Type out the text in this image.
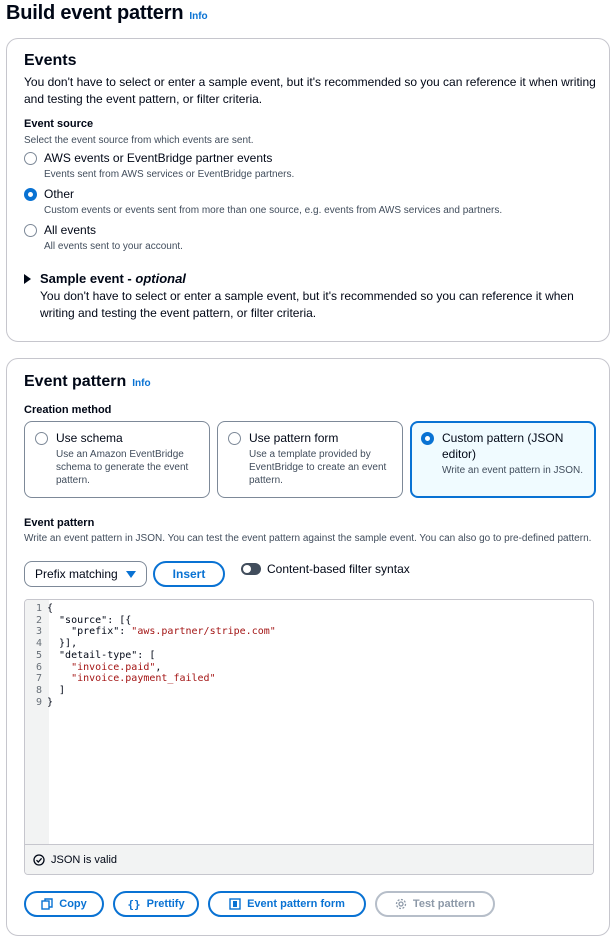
Build event pattern Info
Events
You don't have to select or enter a sample event, but it's recommended so you can reference it when writing and testing the event pattern, or filter criteria.
Event source
Select the event source from which events are sent.
AWS events or EventBridge partner events
Events sent from AWS services or EventBridge partners.
Other
Custom events or events sent from more than one source, e.g. events from AWS services and partners.
All events
All events sent to your account.
Sample event - optional
You don't have to select or enter a sample event, but it's recommended so you can reference it when writing and testing the event pattern, or filter criteria.
Event pattern Info
Creation method
Use schema
Use an Amazon EventBridge schema to generate the event pattern.
Use pattern form
Use a template provided by EventBridge to create an event pattern.
Custom pattern (JSON editor)
Write an event pattern in JSON.
Event pattern
Write an event pattern in JSON. You can test the event pattern against the sample event. You can also go to pre-defined pattern.
Prefix matching	Insert	Content-based filter syntax
1 {
2 "source": [{
3 "prefix": "aws.partner/stripe.com"
4 }],
5 "detail-type": [
6
	"invoice.paid" ,
7
	"invoice.payment_failed"
8 ]
9 }
JSON is valid
Copy	{} Prettify	Event pattern form	Test pattern
